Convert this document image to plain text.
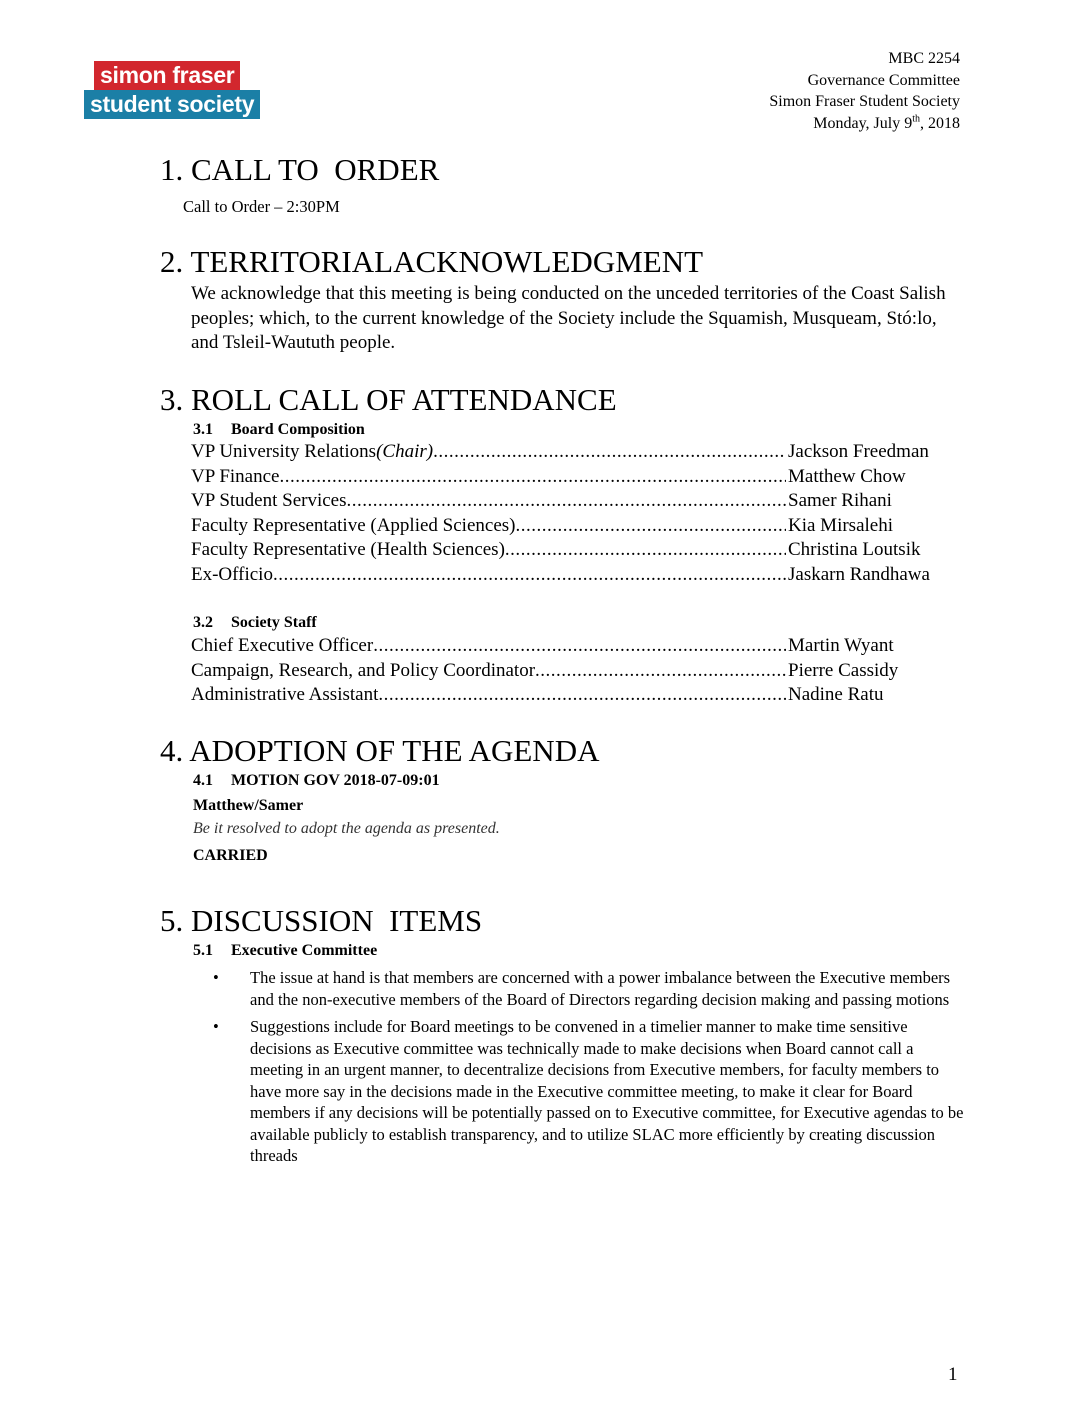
simon fraser
student society
MBC 2254
Governance Committee
Simon Fraser Student Society
Monday, July 9th, 2018
1. CALL TO  ORDER
Call to Order – 2:30PM
2. TERRITORIALACKNOWLEDGMENT
We acknowledge that this meeting is being conducted on the unceded territories of the Coast Salish peoples; which, to the current knowledge of the Society include the Squamish, Musqueam, Stó:lo, and Tsleil-Waututh people.
3. ROLL CALL OF ATTENDANCE
3.1 Board Composition
VP University Relations (Chair) .....	Jackson Freedman
VP Finance .....	Matthew Chow
VP Student Services .....	Samer Rihani
Faculty Representative (Applied Sciences) .....	Kia Mirsalehi
Faculty Representative (Health Sciences) .....	Christina Loutsik
Ex-Officio .....	Jaskarn Randhawa
3.2 Society Staff
Chief Executive Officer .....	Martin Wyant
Campaign, Research, and Policy Coordinator .....	Pierre Cassidy
Administrative Assistant .....	Nadine Ratu
4. ADOPTION OF THE AGENDA
4.1 MOTION GOV 2018-07-09:01
Matthew/Samer
Be it resolved to adopt the agenda as presented.
CARRIED
5. DISCUSSION  ITEMS
5.1 Executive Committee
•	The issue at hand is that members are concerned with a power imbalance between the Executive members and the non-executive members of the Board of Directors regarding decision making and passing motions
•	Suggestions include for Board meetings to be convened in a timelier manner to make time sensitive decisions as Executive committee was technically made to make decisions when Board cannot call a meeting in an urgent manner, to decentralize decisions from Executive members, for faculty members to have more say in the decisions made in the Executive committee meeting, to make it clear for Board members if any decisions will be potentially passed on to Executive committee, for Executive agendas to be available publicly to establish transparency, and to utilize SLAC more efficiently by creating discussion threads
1
